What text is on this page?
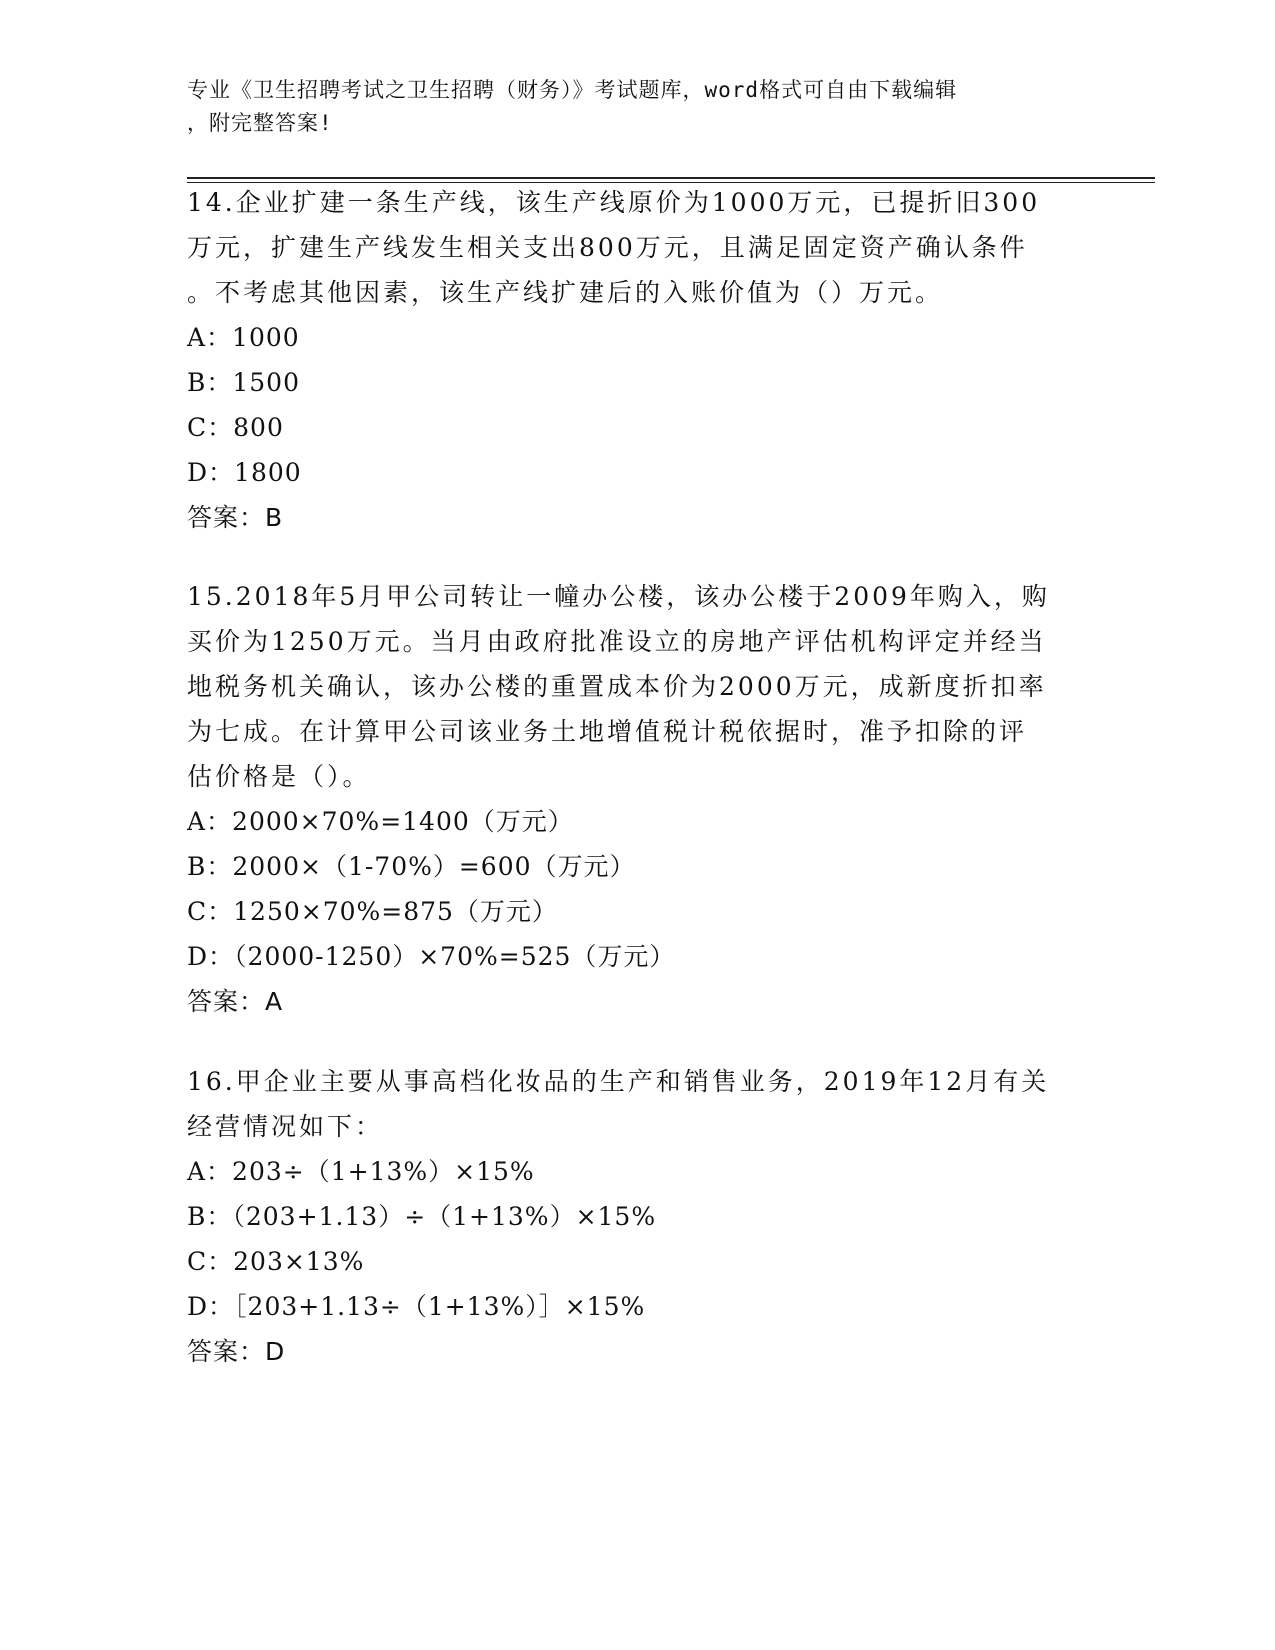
专业《卫生招聘考试之卫生招聘（财务）》考试题库，word格式可自由下载编辑
，附完整答案!
14.企业扩建一条生产线，该生产线原价为1000万元，已提折旧300
万元，扩建生产线发生相关支出800万元，且满足固定资产确认条件
。不考虑其他因素，该生产线扩建后的入账价值为（）万元。
A：1000
B：1500
C：800
D：1800
答案：B
15.2018年5月甲公司转让一幢办公楼，该办公楼于2009年购入，购
买价为1250万元。当月由政府批准设立的房地产评估机构评定并经当
地税务机关确认，该办公楼的重置成本价为2000万元，成新度折扣率
为七成。在计算甲公司该业务土地增值税计税依据时，准予扣除的评
估价格是（）。
A：2000×70%=1400（万元）
B：2000×（1-70%）=600（万元）
C：1250×70%=875（万元）
D：（2000-1250）×70%=525（万元）
答案：A
16.甲企业主要从事高档化妆品的生产和销售业务，2019年12月有关
经营情况如下：
A：203÷（1+13%）×15%
B：（203+1.13）÷（1+13%）×15%
C：203×13%
D：［203+1.13÷（1+13%）］×15%
答案：D
